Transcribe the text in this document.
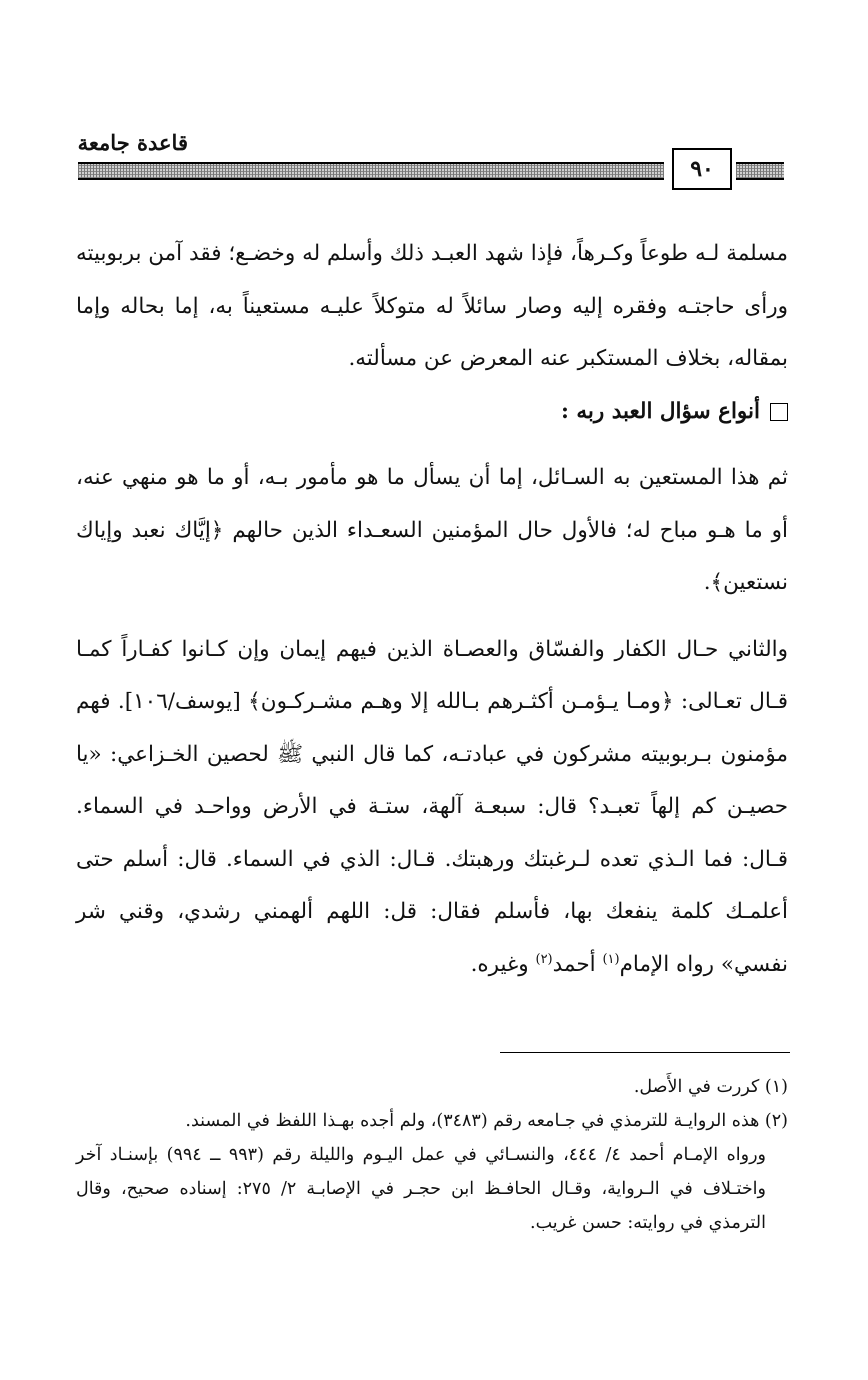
٩٠
قاعدة جامعة

مسلمة لـه طوعاً وكـرهاً، فإذا شهد العبـد ذلك وأسلم له وخضـع؛ فقد آمن بربوبيته ورأى حاجتـه وفقره إليه وصار سائلاً له متوكلاً عليـه مستعيناً به، إما بحاله وإما بمقاله، بخلاف المستكبر عنه المعرض عن مسألته.

أنواع سؤال العبد ربه :

ثم هذا المستعين به السـائل، إما أن يسأل ما هو مأمور بـه، أو ما هو منهي عنه، أو ما هـو مباح له؛ فالأول حال المؤمنين السعـداء الذين حالهم ﴿إيَّاك نعبد وإياك نستعين﴾.

والثاني حـال الكفار والفسّاق والعصـاة الذين فيهم إيمان وإن كـانوا كفـاراً كمـا قـال تعـالى: ﴿ومـا يـؤمـن أكثـرهم بـالله إلا وهـم مشـركـون﴾ [يوسف/١٠٦]. فهم مؤمنون بـربوبيته مشركون في عبادتـه، كما قال النبي ﷺ لحصين الخـزاعي: «يا حصيـن كم إلهاً تعبـد؟ قال: سبعـة آلهة، ستـة في الأرض وواحـد في السماء. قـال: فما الـذي تعده لـرغبتك ورهبتك. قـال: الذي في السماء. قال: أسلم حتى أعلمـك كلمة ينفعك بها، فأسلم فقال: قل: اللهم ألهمني رشدي، وقني شر نفسي» رواه الإمام$^{(١)}$ أحمد$^{(٢)}$ وغيره.

(١) كررت في الأَصل.

(٢) هذه الروايـة للترمذي في جـامعه رقم (٣٤٨٣)، ولم أجده بهـذا اللفظ في المسند.

ورواه الإمـام أحمد ٤/ ٤٤٤، والنسـائي في عمل اليـوم والليلة رقم (٩٩٣ ــ ٩٩٤) بإسنـاد آخر واختـلاف في الـرواية، وقـال الحافـظ ابن حجـر في الإصابـة ٢/ ٢٧٥: إسناده صحيح، وقال الترمذي في روايته: حسن غريب.
